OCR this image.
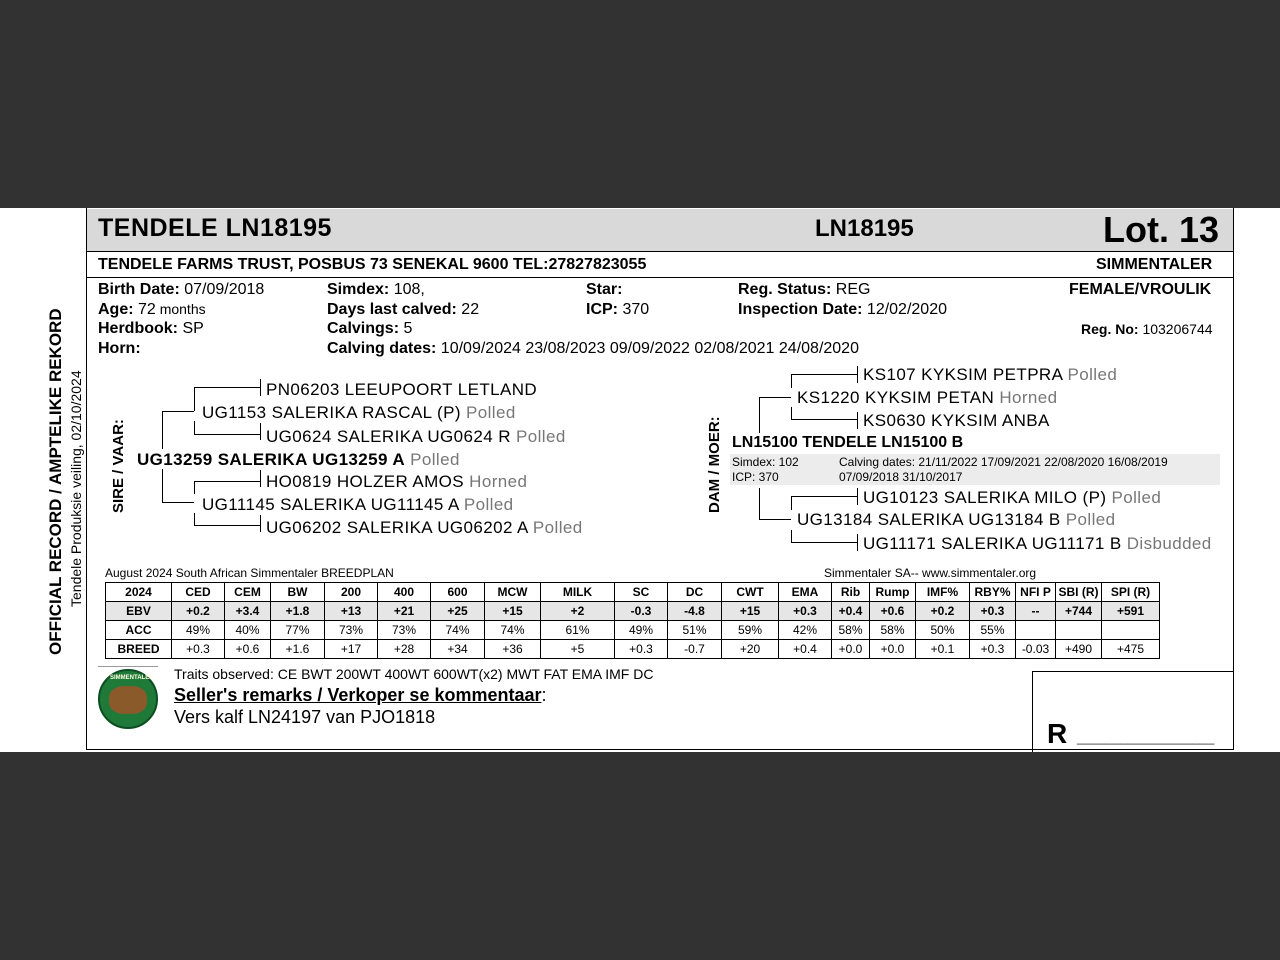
OFFICIAL RECORD / AMPTELIKE REKORD Tendele Produksie veiling, 02/10/2024
TENDELE LN18195	LN18195	Lot. 13
TENDELE FARMS TRUST, POSBUS 73 SENEKAL 9600 TEL:27827823055	SIMMENTALER
Birth Date: 07/09/2018
Age: 72 months
Herdbook: SP
Horn:
Simdex: 108,
Days last calved: 22
Calvings: 5
Calving dates: 10/09/2024 23/08/2023 09/09/2022 02/08/2021 24/08/2020
Star:
ICP: 370
Reg. Status: REG
Inspection Date: 12/02/2020
FEMALE/VROULIK
Reg. No: 103206744
SIRE / VAAR:
PN06203 LEEUPOORT LETLAND
UG1153 SALERIKA RASCAL (P) Polled
UG0624 SALERIKA UG0624 R Polled
UG13259 SALERIKA UG13259 A Polled
HO0819 HOLZER AMOS Horned
UG11145 SALERIKA UG11145 A Polled
UG06202 SALERIKA UG06202 A Polled
DAM / MOER:
KS107 KYKSIM PETPRA Polled
KS1220 KYKSIM PETAN Horned
KS0630 KYKSIM ANBA
LN15100 TENDELE LN15100 B
Simdex: 102
ICP: 370
Calving dates: 21/11/2022 17/09/2021 22/08/2020 16/08/2019
07/09/2018 31/10/2017
UG10123 SALERIKA MILO (P) Polled
UG13184 SALERIKA UG13184 B Polled
UG11171 SALERIKA UG11171 B Disbudded
August 2024 South African Simmentaler BREEDPLAN	Simmentaler SA-- www.simmentaler.org
2024	CED	CEM	BW	200	400	600	MCW	MILK	SC	DC	CWT	EMA	Rib	Rump	IMF%	RBY%	NFI P	SBI (R)	SPI (R)
EBV	+0.2	+3.4	+1.8	+13	+21	+25	+15	+2	-0.3	-4.8	+15	+0.3	+0.4	+0.6	+0.2	+0.3	--	+744	+591
ACC	49%	40%	77%	73%	73%	74%	74%	61%	49%	51%	59%	42%	58%	58%	50%	55%			
BREED	+0.3	+0.6	+1.6	+17	+28	+34	+36	+5	+0.3	-0.7	+20	+0.4	+0.0	+0.0	+0.1	+0.3	-0.03	+490	+475
SIMMENTALER Traits observed: CE BWT 200WT 400WT 600WT(x2) MWT FAT EMA IMF DC
Seller's remarks / Verkoper se kommentaar:
Vers kalf LN24197 van PJO1818
R ___________________
